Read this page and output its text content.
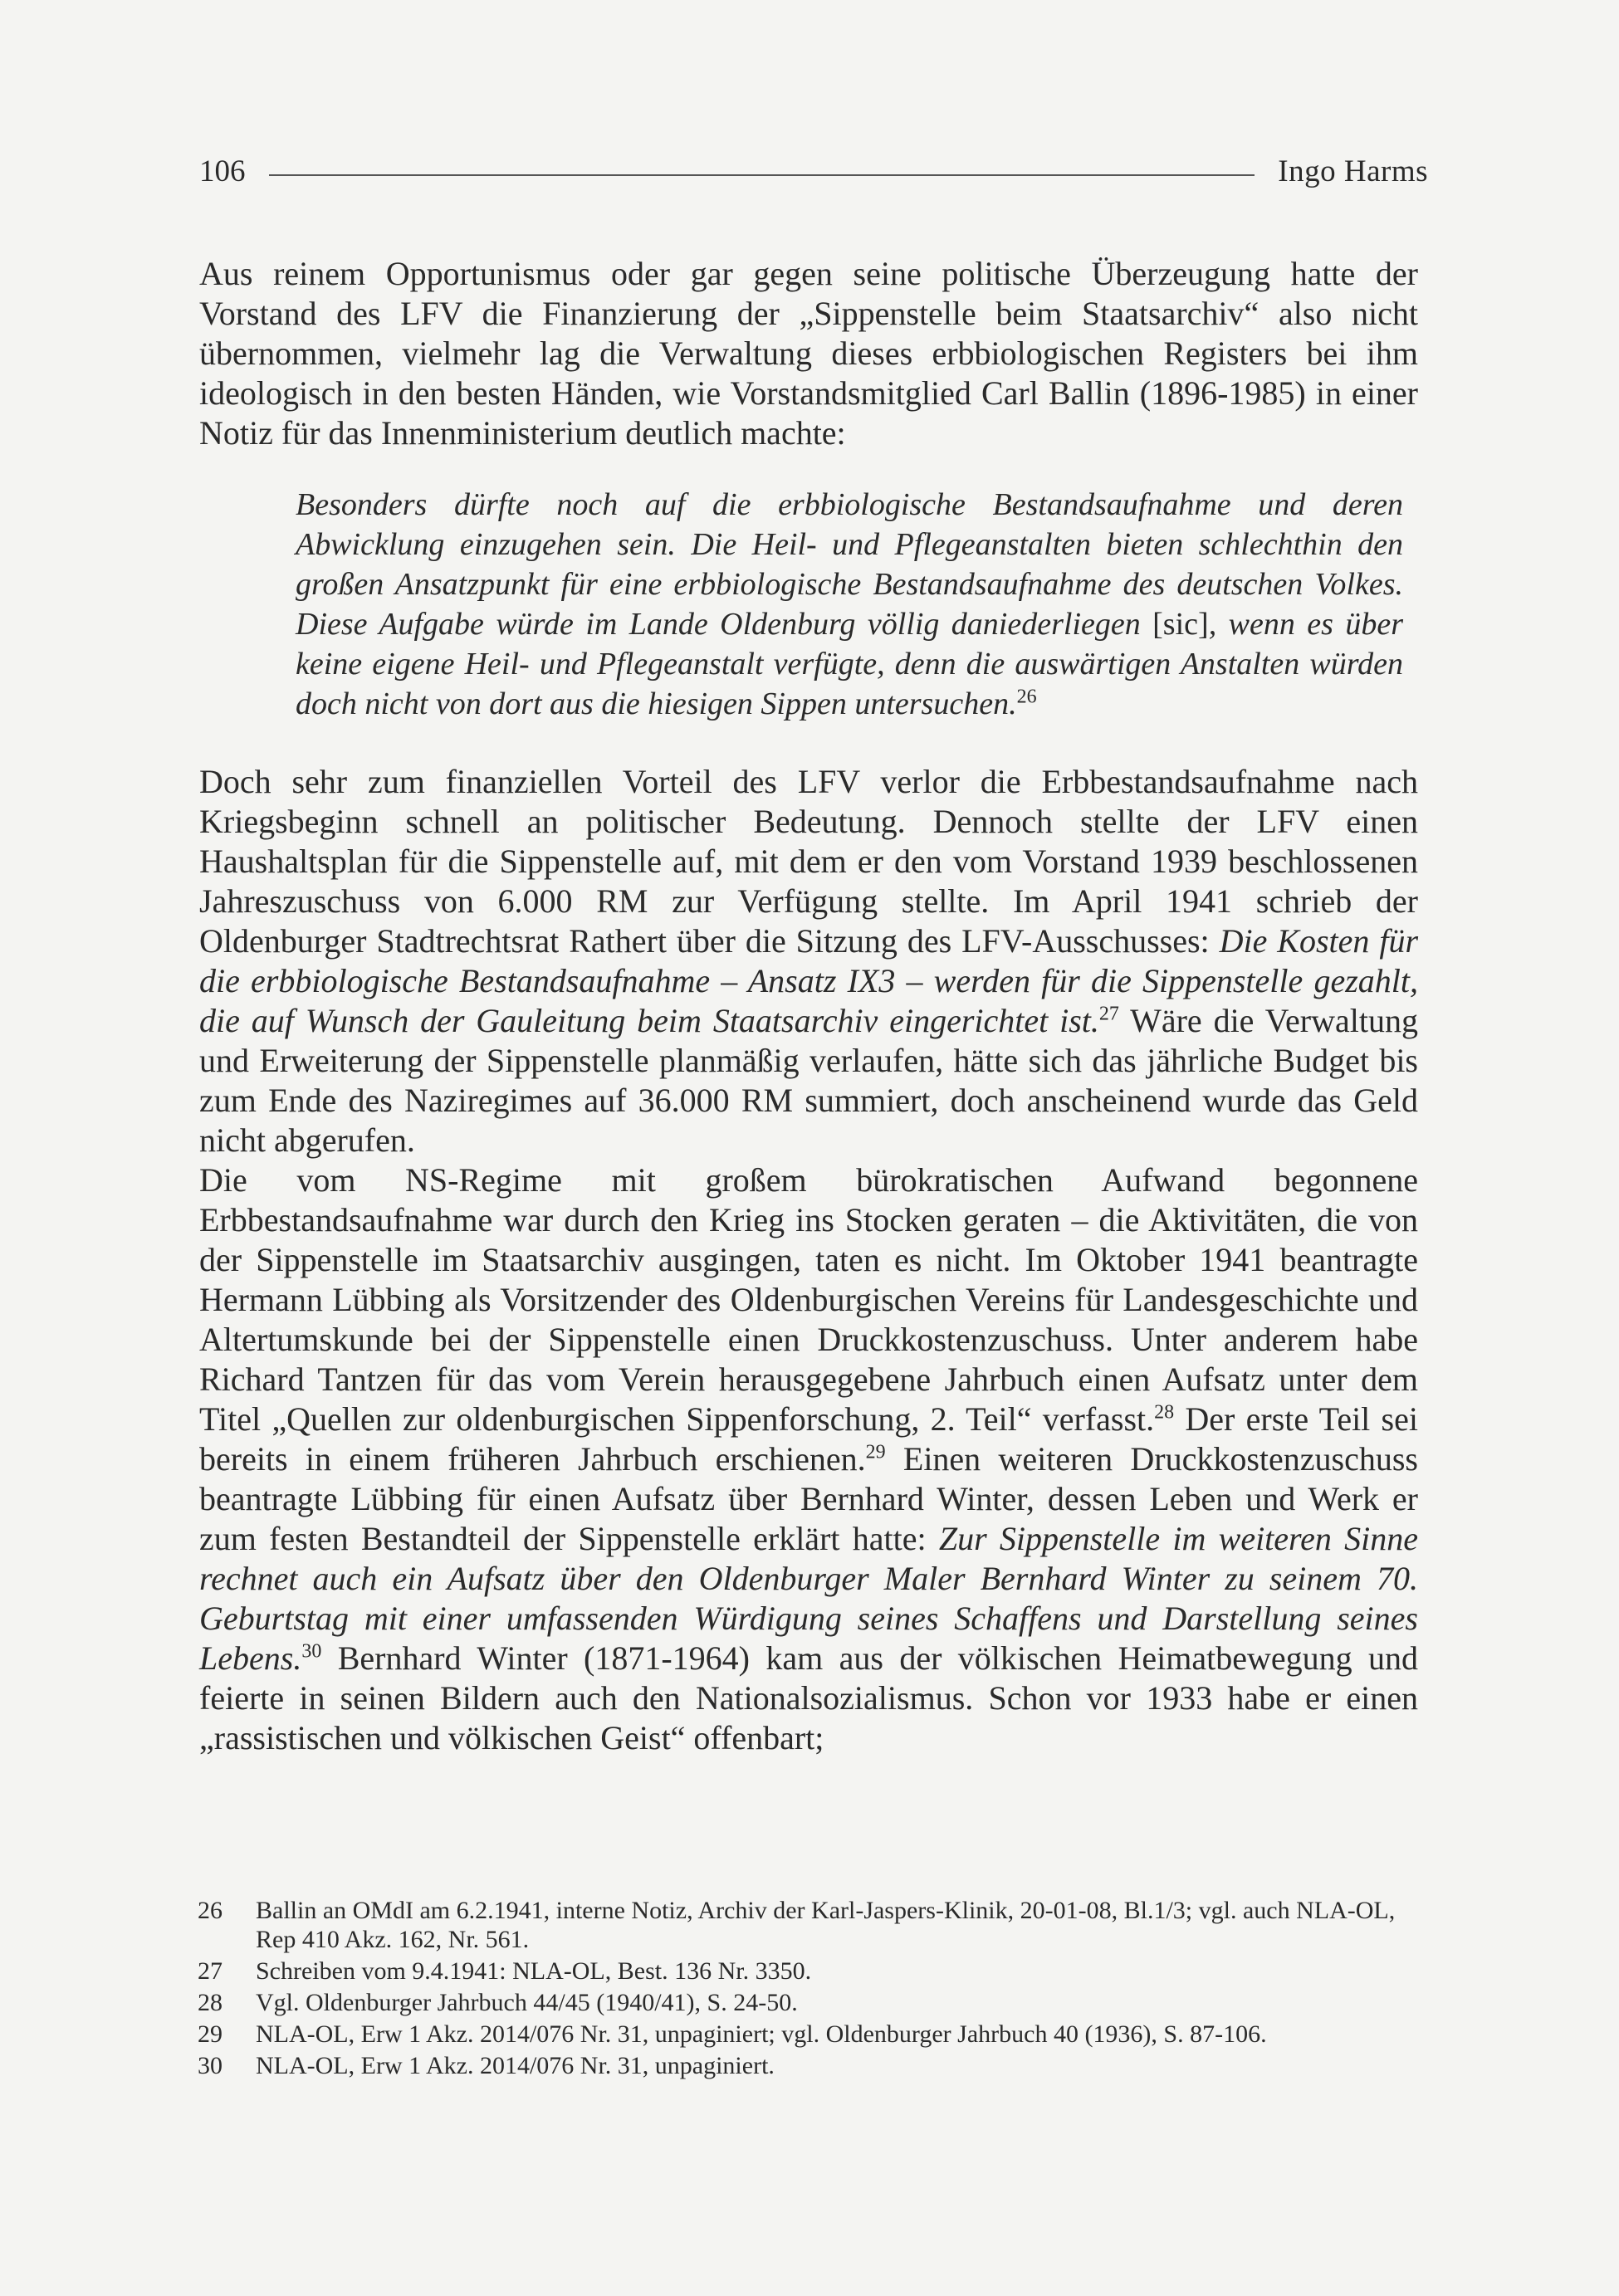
106	Ingo Harms

Aus reinem Opportunismus oder gar gegen seine politische Überzeugung hatte der Vorstand des LFV die Finanzierung der „Sippenstelle beim Staatsarchiv“ also nicht übernommen, vielmehr lag die Verwaltung dieses erbbiologischen Registers bei ihm ideologisch in den besten Händen, wie Vorstandsmitglied Carl Ballin (1896-1985) in einer Notiz für das Innenministerium deutlich machte:

Besonders dürfte noch auf die erbbiologische Bestandsaufnahme und deren Abwicklung einzugehen sein. Die Heil- und Pflegeanstalten bieten schlechthin den großen Ansatzpunkt für eine erbbiologische Bestandsaufnahme des deutschen Volkes. Diese Aufgabe würde im Lande Oldenburg völlig daniederliegen [sic], wenn es über keine eigene Heil- und Pflegeanstalt verfügte, denn die auswärtigen Anstalten würden doch nicht von dort aus die hiesigen Sippen untersuchen.$^{26}$

Doch sehr zum finanziellen Vorteil des LFV verlor die Erbbestandsaufnahme nach Kriegsbeginn schnell an politischer Bedeutung. Dennoch stellte der LFV einen Haushaltsplan für die Sippenstelle auf, mit dem er den vom Vorstand 1939 beschlossenen Jahreszuschuss von 6.000 RM zur Verfügung stellte. Im April 1941 schrieb der Oldenburger Stadtrechtsrat Rathert über die Sitzung des LFV-Ausschusses: Die Kosten für die erbbiologische Bestandsaufnahme – Ansatz IX3 – werden für die Sippenstelle gezahlt, die auf Wunsch der Gauleitung beim Staatsarchiv eingerichtet ist.$^{27}$ Wäre die Verwaltung und Erweiterung der Sippenstelle planmäßig verlaufen, hätte sich das jährliche Budget bis zum Ende des Naziregimes auf 36.000 RM summiert, doch anscheinend wurde das Geld nicht abgerufen.

Die vom NS-Regime mit großem bürokratischen Aufwand begonnene Erbbestandsaufnahme war durch den Krieg ins Stocken geraten – die Aktivitäten, die von der Sippenstelle im Staatsarchiv ausgingen, taten es nicht. Im Oktober 1941 beantragte Hermann Lübbing als Vorsitzender des Oldenburgischen Vereins für Landesgeschichte und Altertumskunde bei der Sippenstelle einen Druckkostenzuschuss. Unter anderem habe Richard Tantzen für das vom Verein herausgegebene Jahrbuch einen Aufsatz unter dem Titel „Quellen zur oldenburgischen Sippenforschung, 2. Teil“ verfasst.$^{28}$ Der erste Teil sei bereits in einem früheren Jahrbuch erschienen.$^{29}$ Einen weiteren Druckkostenzuschuss beantragte Lübbing für einen Aufsatz über Bernhard Winter, dessen Leben und Werk er zum festen Bestandteil der Sippenstelle erklärt hatte: Zur Sippenstelle im weiteren Sinne rechnet auch ein Aufsatz über den Oldenburger Maler Bernhard Winter zu seinem 70. Geburtstag mit einer umfassenden Würdigung seines Schaffens und Darstellung seines Lebens.$^{30}$ Bernhard Winter (1871-1964) kam aus der völkischen Heimatbewegung und feierte in seinen Bildern auch den Nationalsozialismus. Schon vor 1933 habe er einen „rassistischen und völkischen Geist“ offenbart;

26	Ballin an OMdI am 6.2.1941, interne Notiz, Archiv der Karl-Jaspers-Klinik, 20-01-08, Bl.1/3; vgl. auch NLA-OL, Rep 410 Akz. 162, Nr. 561.
27	Schreiben vom 9.4.1941: NLA-OL, Best. 136 Nr. 3350.
28	Vgl. Oldenburger Jahrbuch 44/45 (1940/41), S. 24-50.
29	NLA-OL, Erw 1 Akz. 2014/076 Nr. 31, unpaginiert; vgl. Oldenburger Jahrbuch 40 (1936), S. 87-106.
30	NLA-OL, Erw 1 Akz. 2014/076 Nr. 31, unpaginiert.
